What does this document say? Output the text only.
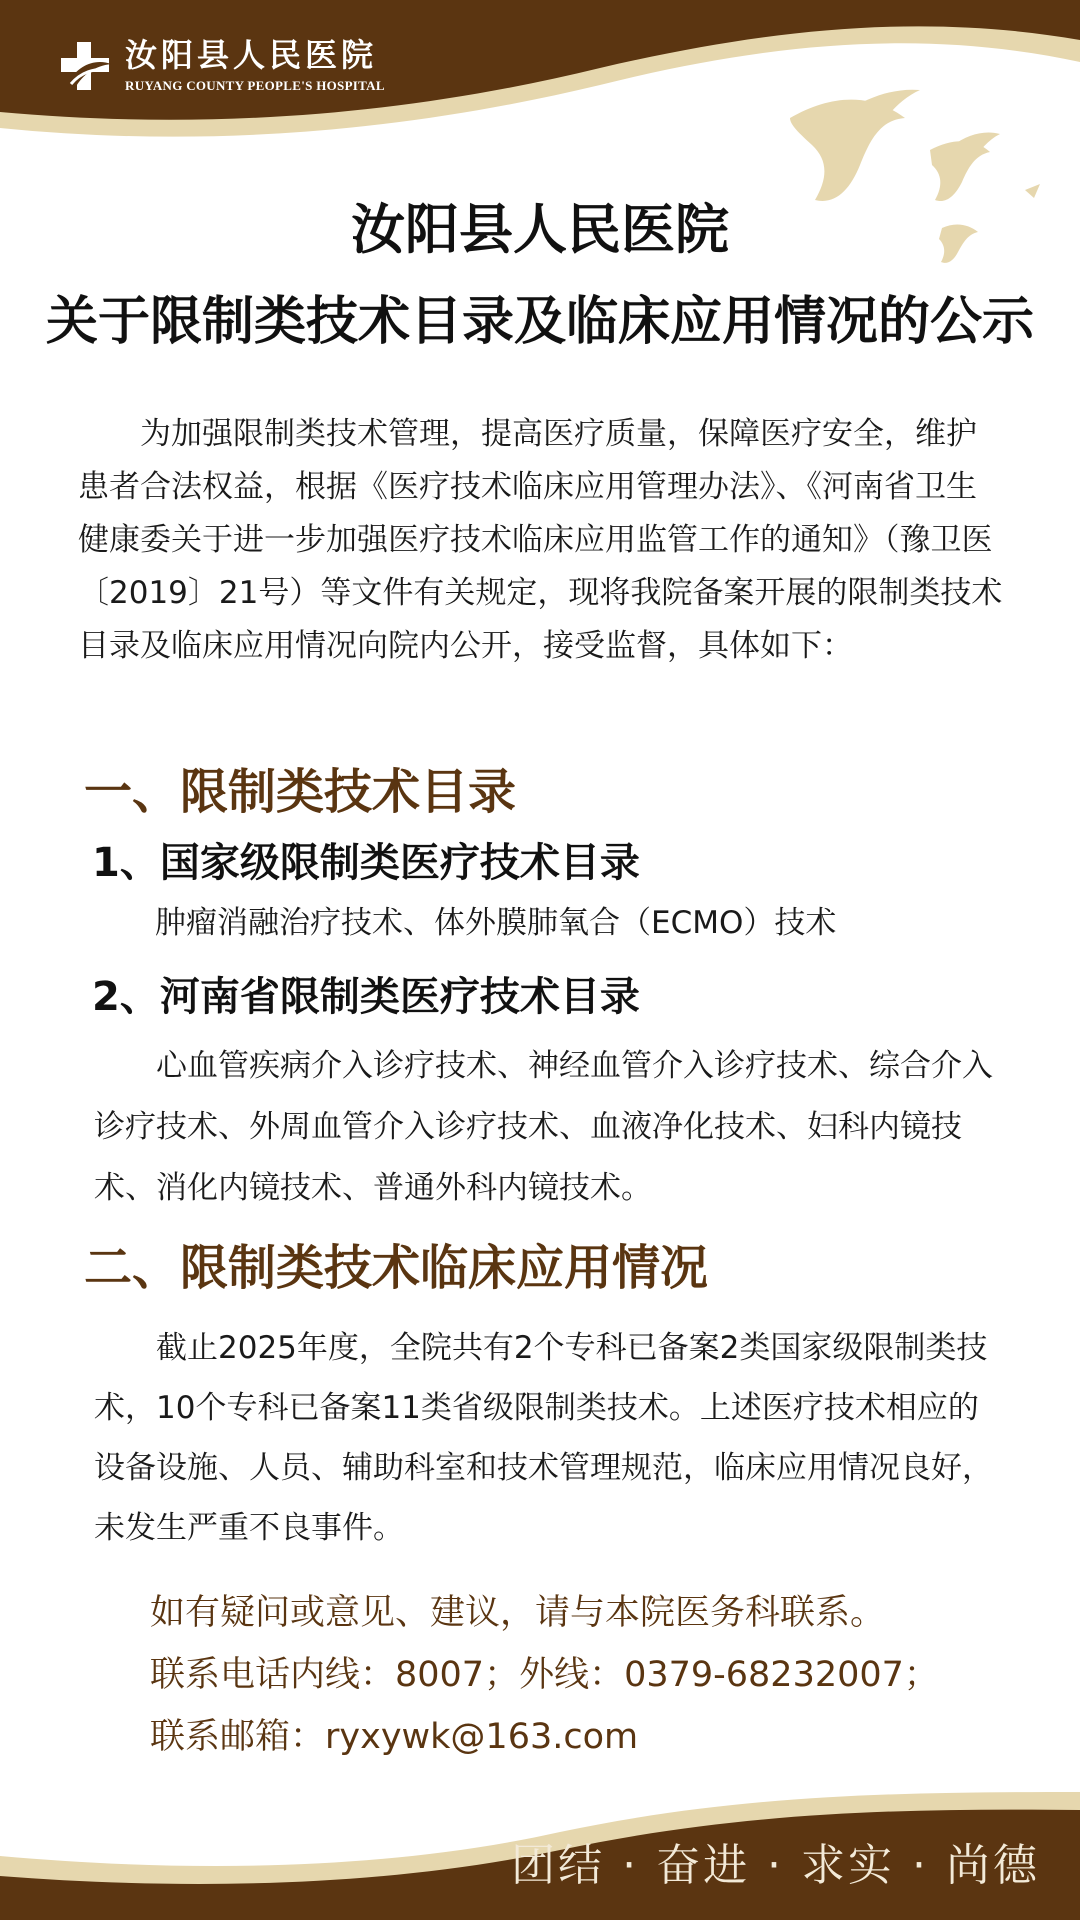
汝阳县人民医院
RUYANG COUNTY PEOPLE'S HOSPITAL
汝阳县人民医院
关于限制类技术目录及临床应用情况的公示
为加强限制类技术管理，提高医疗质量，保障医疗安全，维护患者合法权益，根据《医疗技术临床应用管理办法》、《河南省卫生健康委关于进一步加强医疗技术临床应用监管工作的通知》（豫卫医〔2019〕21号）等文件有关规定，现将我院备案开展的限制类技术目录及临床应用情况向院内公开，接受监督，具体如下：
一、限制类技术目录
1、国家级限制类医疗技术目录
肿瘤消融治疗技术、体外膜肺氧合（ECMO）技术
2、河南省限制类医疗技术目录
心血管疾病介入诊疗技术、神经血管介入诊疗技术、综合介入诊疗技术、外周血管介入诊疗技术、血液净化技术、妇科内镜技术、消化内镜技术、普通外科内镜技术。
二、限制类技术临床应用情况
截止2025年度，全院共有2个专科已备案2类国家级限制类技术，10个专科已备案11类省级限制类技术。上述医疗技术相应的设备设施、人员、辅助科室和技术管理规范，临床应用情况良好，未发生严重不良事件。
如有疑问或意见、建议，请与本院医务科联系。
联系电话内线：8007；外线：0379-68232007；
联系邮箱：ryxywk@163.com
团结 · 奋进 · 求实 · 尚德
